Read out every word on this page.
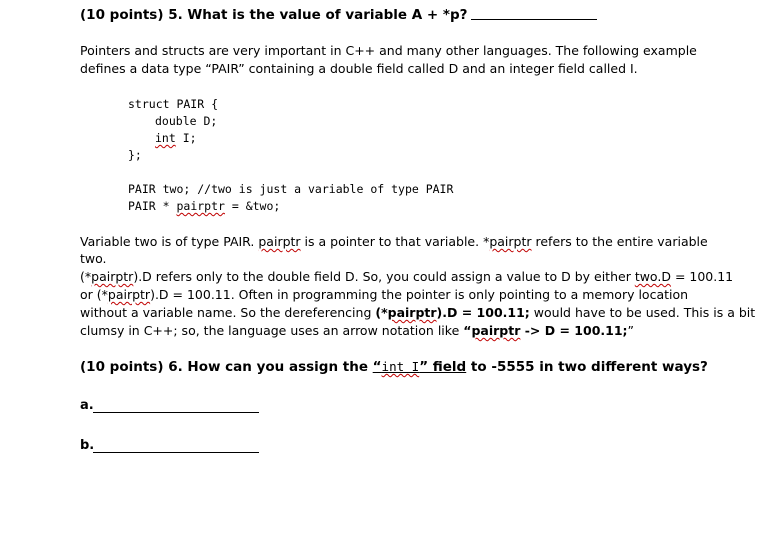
(10 points) 5. What is the value of variable A + *p?
Pointers and structs are very important in C++ and many other languages. The following example
defines a data type “PAIR” containing a double field called D and an integer field called I.
struct PAIR {
double D;
int I;
};
PAIR two; //two is just a variable of type PAIR
PAIR * pairptr = &two;
Variable two is of type PAIR. pairptr is a pointer to that variable. *pairptr refers to the entire variable
two.
(*pairptr).D refers only to the double field D. So, you could assign a value to D by either two.D = 100.11
or (*pairptr).D = 100.11. Often in programming the pointer is only pointing to a memory location
without a variable name. So the dereferencing (*pairptr).D = 100.11; would have to be used. This is a bit
clumsy in C++; so, the language uses an arrow notation like “pairptr -> D = 100.11;”
(10 points) 6. How can you assign the “int I” field to -5555 in two different ways?
a.
b.
